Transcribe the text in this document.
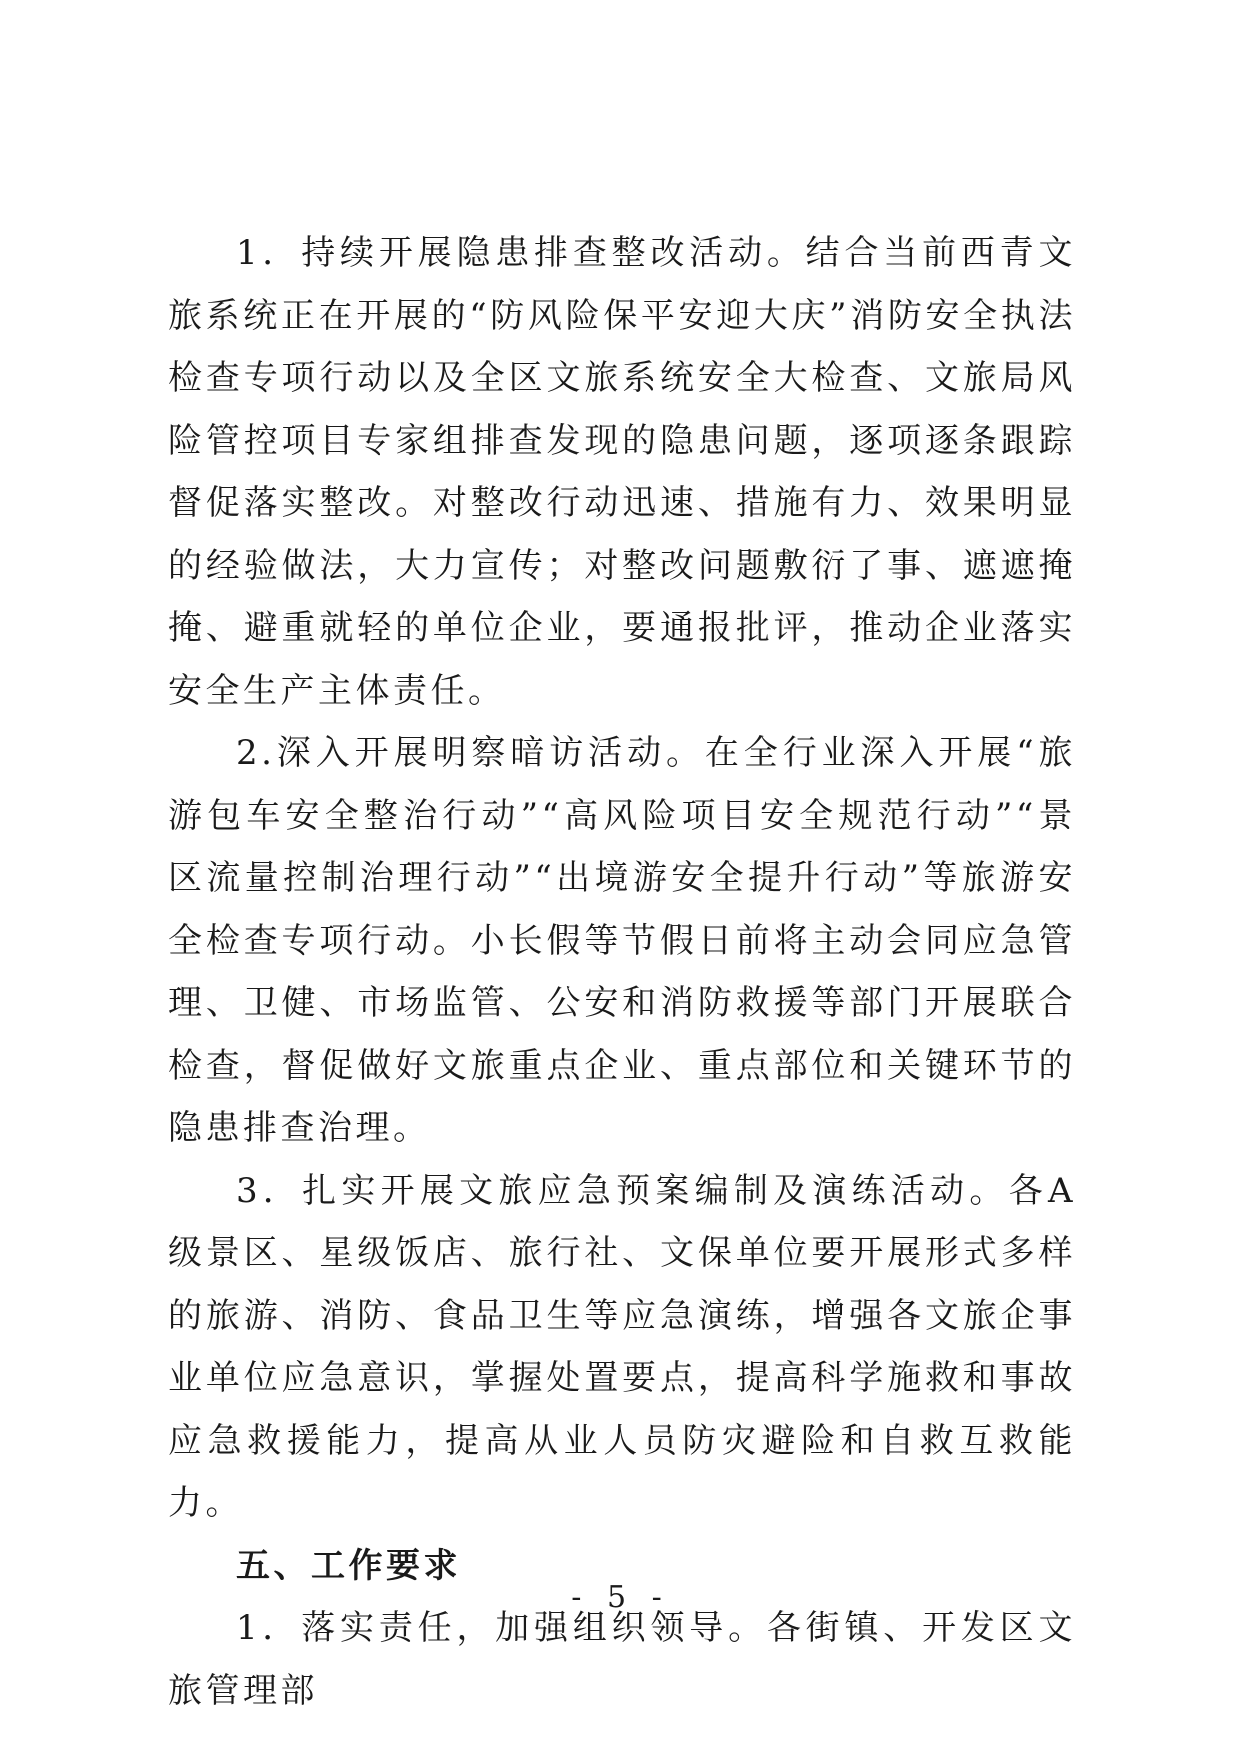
1．持续开展隐患排查整改活动。结合当前西青文旅系统正在开展的“防风险保平安迎大庆”消防安全执法检查专项行动以及全区文旅系统安全大检查、文旅局风险管控项目专家组排查发现的隐患问题，逐项逐条跟踪督促落实整改。对整改行动迅速、措施有力、效果明显的经验做法，大力宣传；对整改问题敷衍了事、遮遮掩掩、避重就轻的单位企业，要通报批评，推动企业落实安全生产主体责任。

2.深入开展明察暗访活动。在全行业深入开展“旅游包车安全整治行动”“高风险项目安全规范行动”“景区流量控制治理行动”“出境游安全提升行动”等旅游安全检查专项行动。小长假等节假日前将主动会同应急管理、卫健、市场监管、公安和消防救援等部门开展联合检查，督促做好文旅重点企业、重点部位和关键环节的隐患排查治理。

3．扎实开展文旅应急预案编制及演练活动。各A级景区、星级饭店、旅行社、文保单位要开展形式多样的旅游、消防、食品卫生等应急演练，增强各文旅企事业单位应急意识，掌握处置要点，提高科学施救和事故应急救援能力，提高从业人员防灾避险和自救互救能力。

五、工作要求

1．落实责任，加强组织领导。各街镇、开发区文旅管理部

- 5 -
